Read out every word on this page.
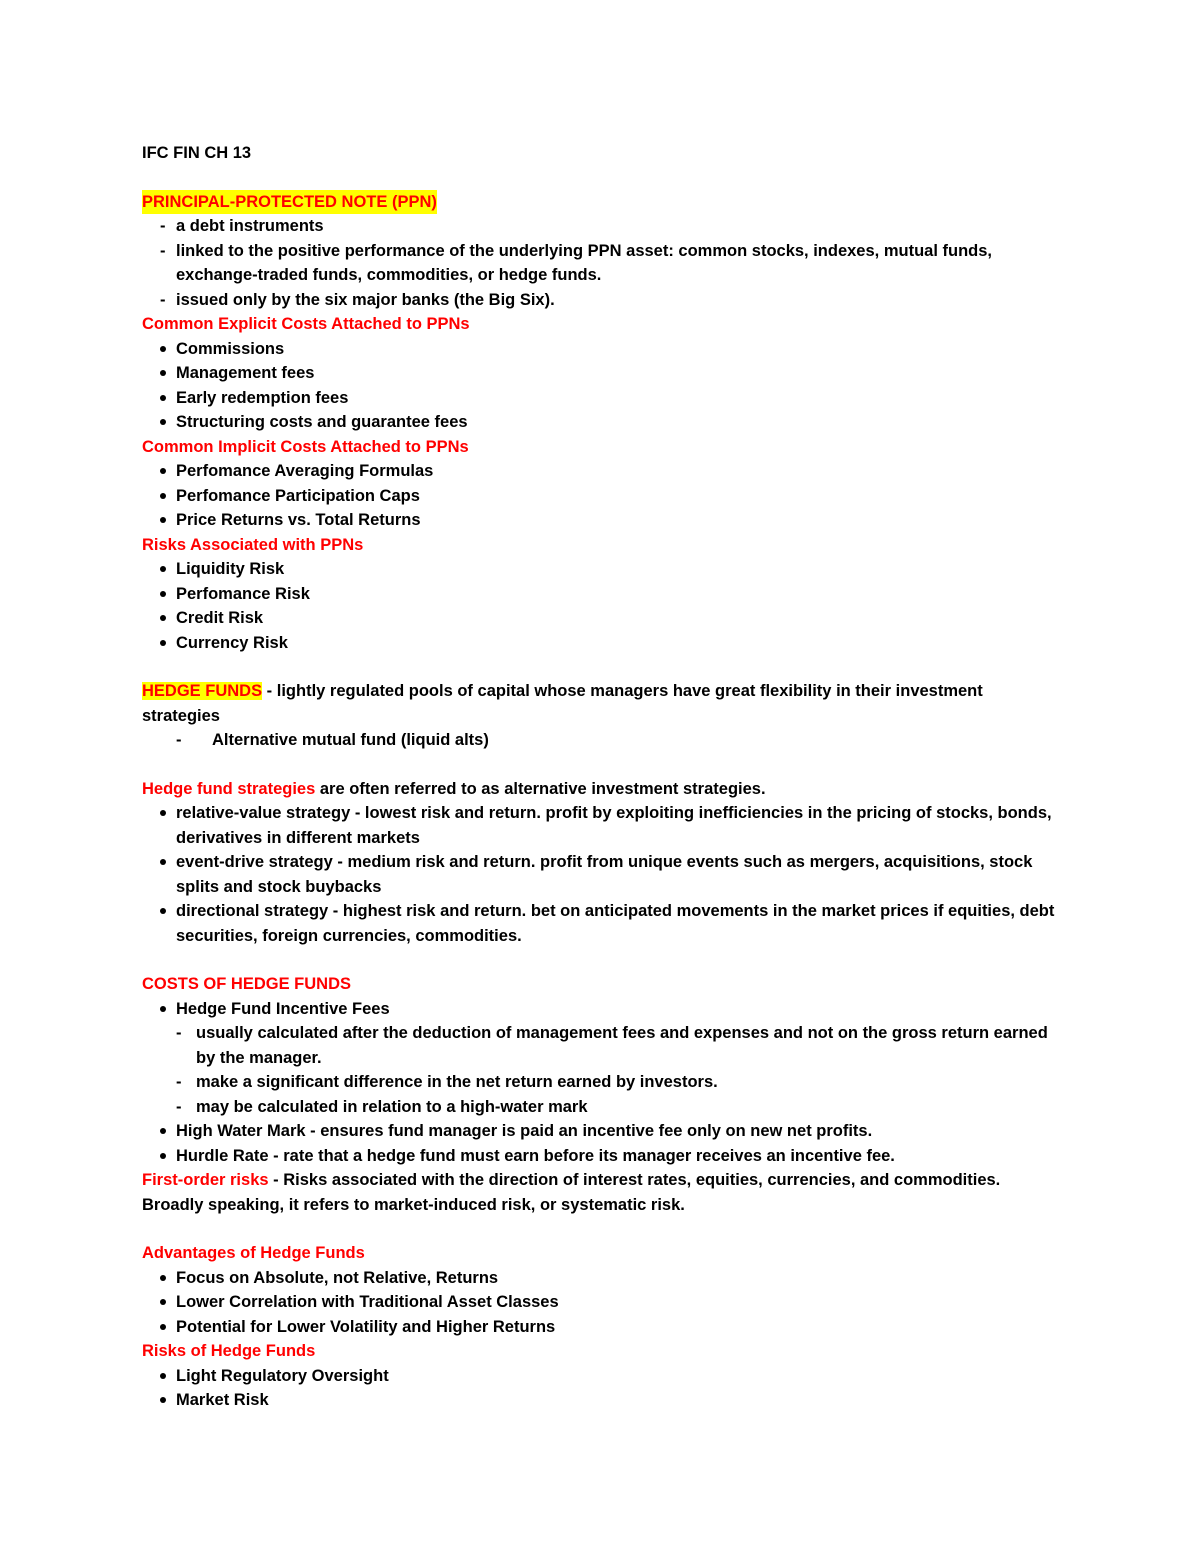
IFC FIN CH 13
PRINCIPAL-PROTECTED NOTE (PPN)
- a debt instruments
- linked to the positive performance of the underlying PPN asset: common stocks, indexes, mutual funds, exchange-traded funds, commodities, or hedge funds.
- issued only by the six major banks (the Big Six).
Common Explicit Costs Attached to PPNs
Commissions
Management fees
Early redemption fees
Structuring costs and guarantee fees
Common Implicit Costs Attached to PPNs
Perfomance Averaging Formulas
Perfomance Participation Caps
Price Returns vs. Total Returns
Risks Associated with PPNs
Liquidity Risk
Perfomance Risk
Credit Risk
Currency Risk

HEDGE FUNDS - lightly regulated pools of capital whose managers have great flexibility in their investment strategies

- Alternative mutual fund (liquid alts)

Hedge fund strategies are often referred to as alternative investment strategies.

relative-value strategy - lowest risk and return. profit by exploiting inefficiencies in the pricing of stocks, bonds, derivatives in different markets
event-drive strategy - medium risk and return. profit from unique events such as mergers, acquisitions, stock splits and stock buybacks
directional strategy - highest risk and return. bet on anticipated movements in the market prices if equities, debt securities, foreign currencies, commodities.
COSTS OF HEDGE FUNDS
Hedge Fund Incentive Fees
- usually calculated after the deduction of management fees and expenses and not on the gross return earned by the manager.
- make a significant difference in the net return earned by investors.
- may be calculated in relation to a high-water mark
High Water Mark - ensures fund manager is paid an incentive fee only on new net profits.
Hurdle Rate - rate that a hedge fund must earn before its manager receives an incentive fee.

First-order risks - Risks associated with the direction of interest rates, equities, currencies, and commodities. Broadly speaking, it refers to market-induced risk, or systematic risk.

Advantages of Hedge Funds
Focus on Absolute, not Relative, Returns
Lower Correlation with Traditional Asset Classes
Potential for Lower Volatility and Higher Returns
Risks of Hedge Funds
Light Regulatory Oversight
Market Risk
